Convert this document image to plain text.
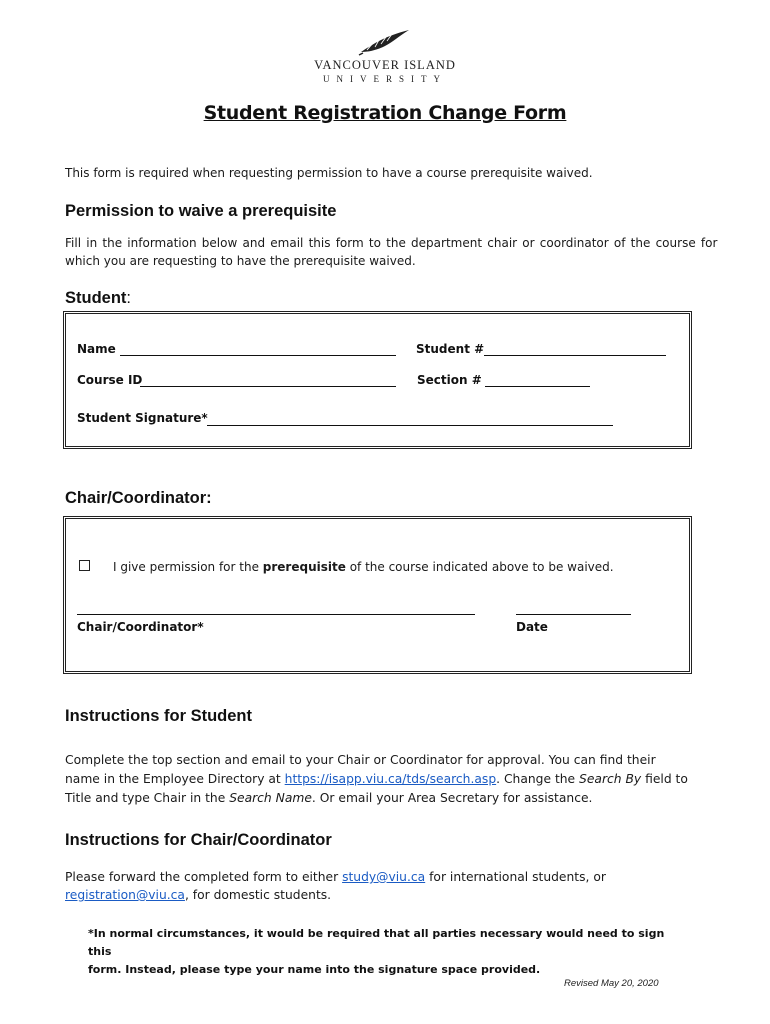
VANCOUVER ISLAND
UNIVERSITY
Student Registration Change Form
This form is required when requesting permission to have a course prerequisite waived.
Permission to waive a prerequisite
Fill in the information below and email this form to the department chair or coordinator of the course for
which you are requesting to have the prerequisite waived.
Student:
Name	Student #
Course ID	Section #
Student Signature*
Chair/Coordinator:
I give permission for the prerequisite of the course indicated above to be waived.
Chair/Coordinator*	Date
Instructions for Student
Complete the top section and email to your Chair or Coordinator for approval. You can find their
name in the Employee Directory at https://isapp.viu.ca/tds/search.asp. Change the Search By field to
Title and type Chair in the Search Name. Or email your Area Secretary for assistance.
Instructions for Chair/Coordinator
Please forward the completed form to either study@viu.ca for international students, or
registration@viu.ca, for domestic students.
*In normal circumstances, it would be required that all parties necessary would need to sign this
form. Instead, please type your name into the signature space provided.
Revised May 20, 2020
